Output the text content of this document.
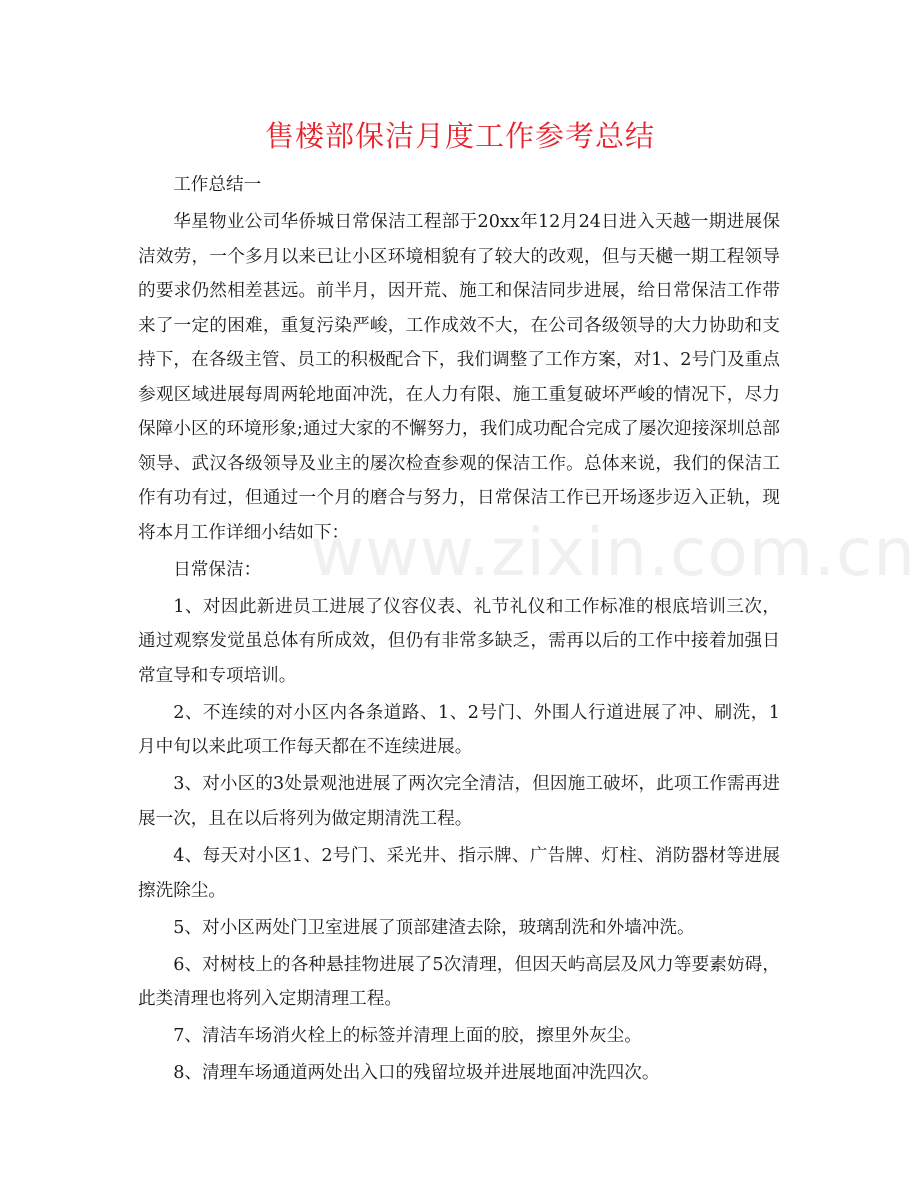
售楼部保洁月度工作参考总结
www.zixin.com.cn

工作总结一

华星物业公司华侨城日常保洁工程部于20xx年12月24日进入天越一期进展保洁效劳，一个多月以来已让小区环境相貌有了较大的改观，但与天樾一期工程领导的要求仍然相差甚远。前半月，因开荒、施工和保洁同步进展，给日常保洁工作带来了一定的困难，重复污染严峻，工作成效不大，在公司各级领导的大力协助和支持下，在各级主管、员工的积极配合下，我们调整了工作方案，对1、2号门及重点参观区域进展每周两轮地面冲洗，在人力有限、施工重复破坏严峻的情况下，尽力保障小区的环境形象;通过大家的不懈努力，我们成功配合完成了屡次迎接深圳总部领导、武汉各级领导及业主的屡次检查参观的保洁工作。总体来说，我们的保洁工作有功有过，但通过一个月的磨合与努力，日常保洁工作已开场逐步迈入正轨，现将本月工作详细小结如下：

日常保洁：

1、对因此新进员工进展了仪容仪表、礼节礼仪和工作标准的根底培训三次，通过观察发觉虽总体有所成效，但仍有非常多缺乏，需再以后的工作中接着加强日常宣导和专项培训。

2、不连续的对小区内各条道路、1、2号门、外围人行道进展了冲、刷洗，1月中旬以来此项工作每天都在不连续进展。

3、对小区的3处景观池进展了两次完全清洁，但因施工破坏，此项工作需再进展一次，且在以后将列为做定期清洗工程。

4、每天对小区1、2号门、采光井、指示牌、广告牌、灯柱、消防器材等进展擦洗除尘。

5、对小区两处门卫室进展了顶部建渣去除，玻璃刮洗和外墙冲洗。

6、对树枝上的各种悬挂物进展了5次清理，但因天屿高层及风力等要素妨碍，此类清理也将列入定期清理工程。

7、清洁车场消火栓上的标签并清理上面的胶，擦里外灰尘。

8、清理车场通道两处出入口的残留垃圾并进展地面冲洗四次。
